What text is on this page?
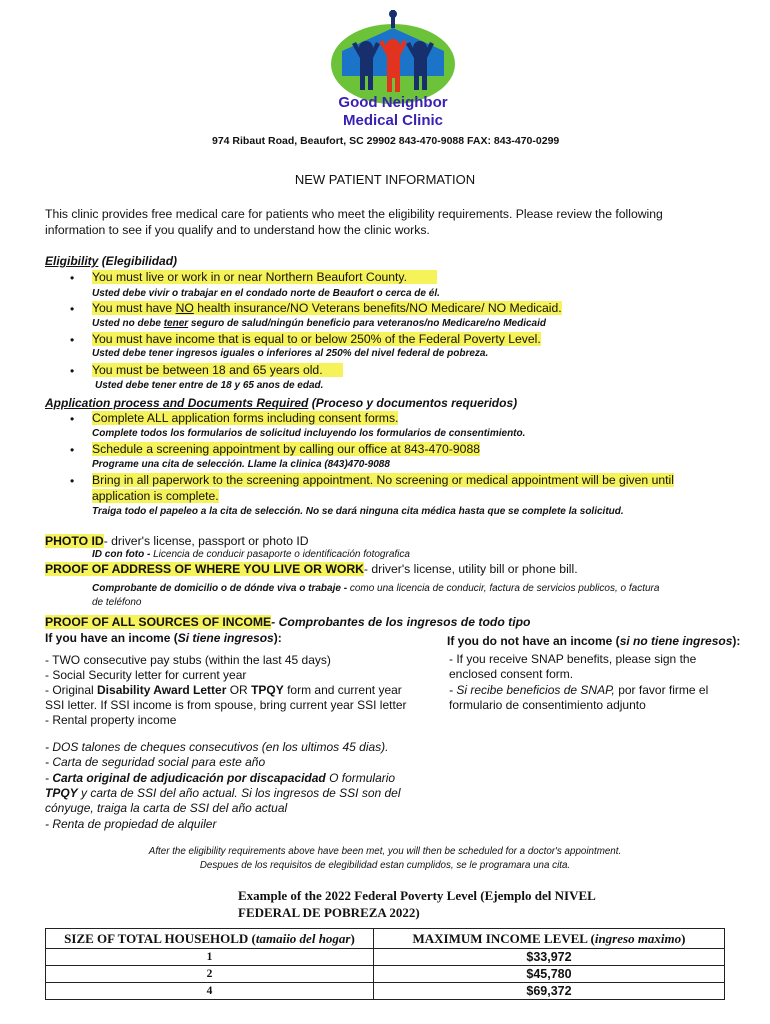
Good Neighbor
Medical Clinic
974 Ribaut Road, Beaufort, SC 29902 843-470-9088 FAX: 843-470-0299
NEW PATIENT INFORMATION
This clinic provides free medical care for patients who meet the eligibility requirements. Please review the following
information to see if you qualify and to understand how the clinic works.
Eligibility (Elegibilidad)
• You must live or work in or near Northern Beaufort County.
Usted debe vivir o trabajar en el condado norte de Beaufort o cerca de él.
• You must have NO health insurance/NO Veterans benefits/NO Medicare/ NO Medicaid.
Usted no debe tener seguro de salud/ningún beneficio para veteranos/no Medicare/no Medicaid
• You must have income that is equal to or below 250% of the Federal Poverty Level.
Usted debe tener ingresos iguales o inferiores al 250% del nivel federal de pobreza.
• You must be between 18 and 65 years old.
Usted debe tener entre de 18 y 65 anos de edad.
Application process and Documents Required (Proceso y documentos requeridos)
• Complete ALL application forms including consent forms.
Complete todos los formularios de solicitud incluyendo los formularios de consentimiento.
• Schedule a screening appointment by calling our office at 843-470-9088
Programe una cita de selección. Llame la clinica (843)470-9088
• Bring in all paperwork to the screening appointment. No screening or medical appointment will be given until
application is complete.
Traiga todo el papeleo a la cita de selección. No se dará ninguna cita médica hasta que se complete la solicitud.
PHOTO ID- driver's license, passport or photo ID
ID con foto - Licencia de conducir pasaporte o identificación fotografica
PROOF OF ADDRESS OF WHERE YOU LIVE OR WORK- driver's license, utility bill or phone bill.
Comprobante de domicilio o de dónde viva o trabaje - como una licencia de conducir, factura de servicios publicos, o factura
de teléfono
PROOF OF ALL SOURCES OF INCOME- Comprobantes de los ingresos de todo tipo
If you have an income (Si tiene ingresos):
- TWO consecutive pay stubs (within the last 45 days)
- Social Security letter for current year
- Original Disability Award Letter OR TPQY form and current year
SSI letter. If SSI income is from spouse, bring current year SSI letter
- Rental property income
If you do not have an income (si no tiene ingresos):
- If you receive SNAP benefits, please sign the
enclosed consent form.
- Si recibe beneficios de SNAP, por favor firme el
formulario de consentimiento adjunto
- DOS talones de cheques consecutivos (en los ultimos 45 dias).
- Carta de seguridad social para este año
- Carta original de adjudicación por discapacidad O formulario
TPQY y carta de SSI del año actual. Si los ingresos de SSI son del
cónyuge, traiga la carta de SSI del año actual
- Renta de propiedad de alquiler
After the eligibility requirements above have been met, you will then be scheduled for a doctor's appointment.
Despues de los requisitos de elegibilidad estan cumplidos, se le programara una cita.
Example of the 2022 Federal Poverty Level (Ejemplo del NIVEL
FEDERAL DE POBREZA 2022)
SIZE OF TOTAL HOUSEHOLD (tamaiio del hogar)	MAXIMUM INCOME LEVEL (ingreso maximo)
1	$33,972
2	$45,780
4	$69,372
